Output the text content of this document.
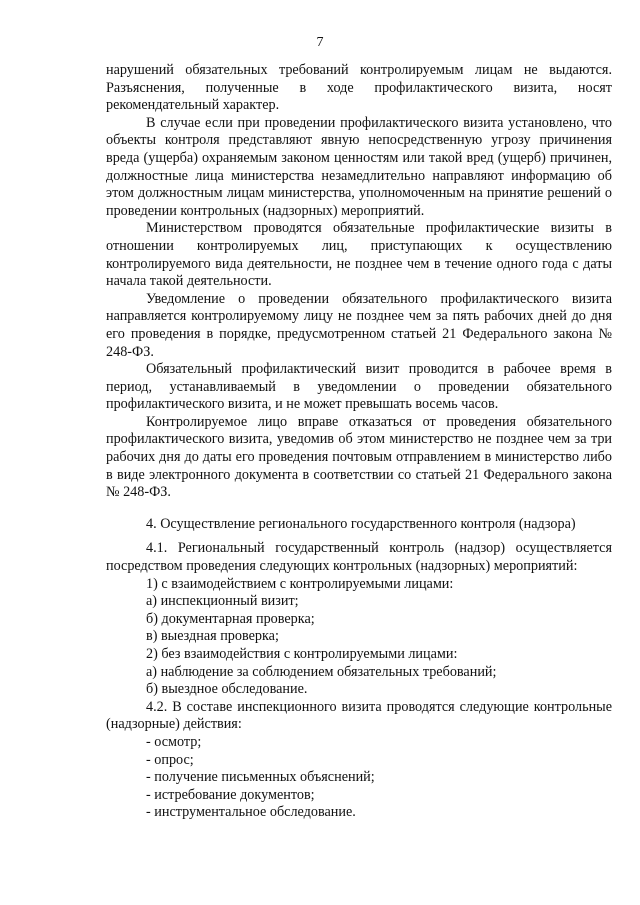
7

нарушений обязательных требований контролируемым лицам не выдаются. Разъяснения, полученные в ходе профилактического визита, носят рекомендательный характер.

В случае если при проведении профилактического визита установлено, что объекты контроля представляют явную непосредственную угрозу причинения вреда (ущерба) охраняемым законом ценностям или такой вред (ущерб) причинен, должностные лица министерства незамедлительно направляют информацию об этом должностным лицам министерства, уполномоченным на принятие решений о проведении контрольных (надзорных) мероприятий.

Министерством проводятся обязательные профилактические визиты в отношении контролируемых лиц, приступающих к осуществлению контролируемого вида деятельности, не позднее чем в течение одного года с даты начала такой деятельности.

Уведомление о проведении обязательного профилактического визита направляется контролируемому лицу не позднее чем за пять рабочих дней до дня его проведения в порядке, предусмотренном статьей 21 Федерального закона № 248-ФЗ.

Обязательный профилактический визит проводится в рабочее время в период, устанавливаемый в уведомлении о проведении обязательного профилактического визита, и не может превышать восемь часов.

Контролируемое лицо вправе отказаться от проведения обязательного профилактического визита, уведомив об этом министерство не позднее чем за три рабочих дня до даты его проведения почтовым отправлением в министерство либо в виде электронного документа в соответствии со статьей 21 Федерального закона № 248-ФЗ.

4. Осуществление регионального государственного контроля (надзора)

4.1. Региональный государственный контроль (надзор) осуществляется посредством проведения следующих контрольных (надзорных) мероприятий:

1) с взаимодействием с контролируемыми лицами:

а) инспекционный визит;

б) документарная проверка;

в) выездная проверка;

2) без взаимодействия с контролируемыми лицами:

а) наблюдение за соблюдением обязательных требований;

б) выездное обследование.

4.2. В составе инспекционного визита проводятся следующие контрольные (надзорные) действия:

- осмотр;

- опрос;

- получение письменных объяснений;

- истребование документов;

- инструментальное обследование.
